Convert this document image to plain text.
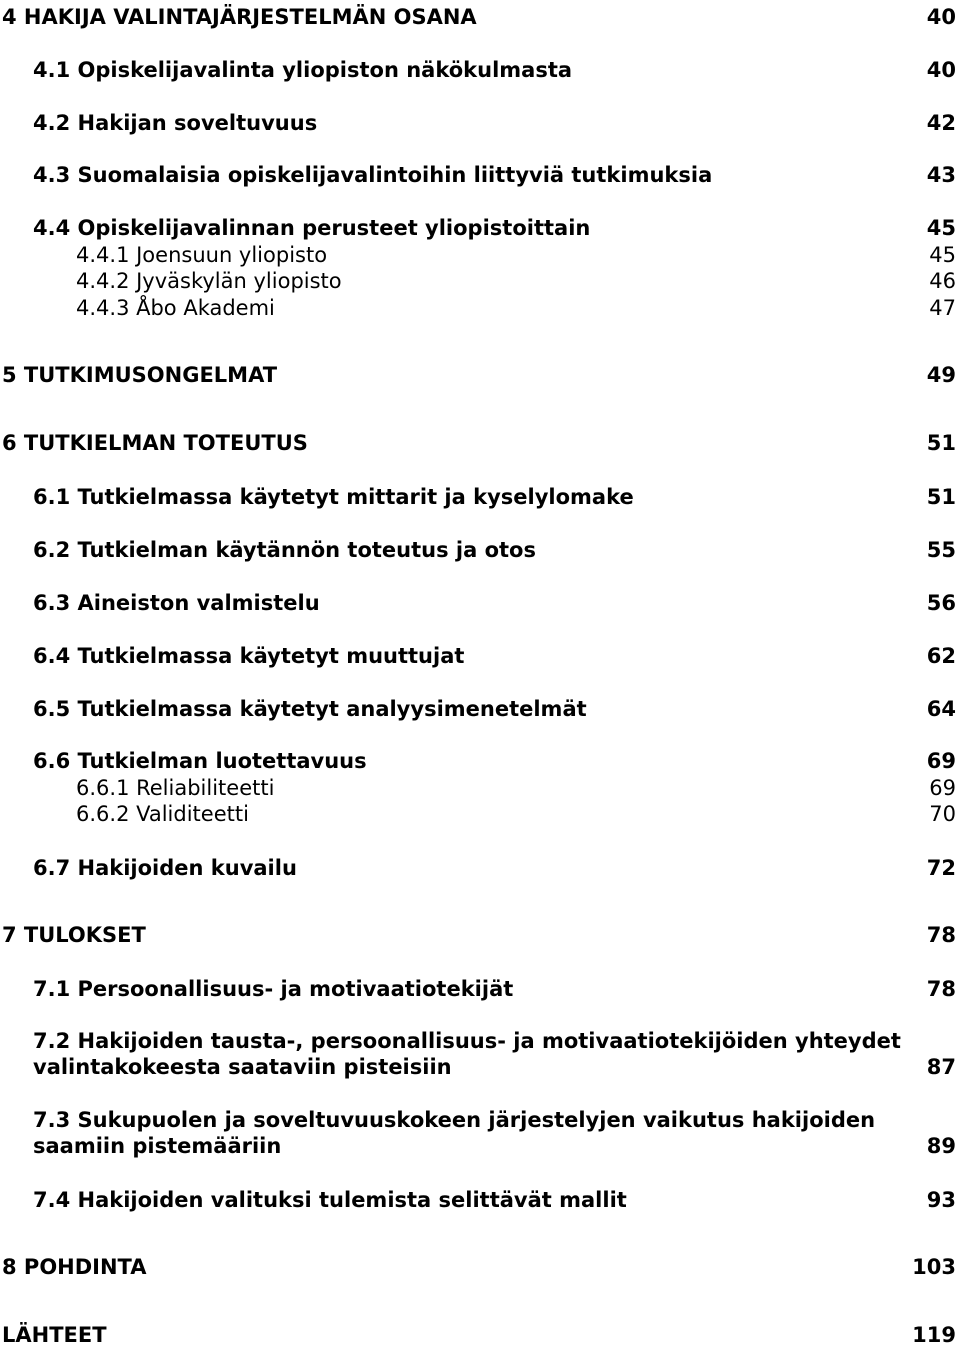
4 HAKIJA VALINTAJÄRJESTELMÄN OSANA	40
4.1 Opiskelijavalinta yliopiston näkökulmasta	40
4.2 Hakijan soveltuvuus	42
4.3 Suomalaisia opiskelijavalintoihin liittyviä tutkimuksia	43
4.4 Opiskelijavalinnan perusteet yliopistoittain	45
4.4.1 Joensuun yliopisto	45
4.4.2 Jyväskylän yliopisto	46
4.4.3 Åbo Akademi	47
5 TUTKIMUSONGELMAT	49
6 TUTKIELMAN TOTEUTUS	51
6.1 Tutkielmassa käytetyt mittarit ja kyselylomake	51
6.2 Tutkielman käytännön toteutus ja otos	55
6.3 Aineiston valmistelu	56
6.4 Tutkielmassa käytetyt muuttujat	62
6.5 Tutkielmassa käytetyt analyysimenetelmät	64
6.6 Tutkielman luotettavuus	69
6.6.1 Reliabiliteetti	69
6.6.2 Validiteetti	70
6.7 Hakijoiden kuvailu	72
7 TULOKSET	78
7.1 Persoonallisuus- ja motivaatiotekijät	78
7.2 Hakijoiden tausta-, persoonallisuus- ja motivaatiotekijöiden yhteydet
valintakokeesta saataviin pisteisiin	87
7.3 Sukupuolen ja soveltuvuuskokeen järjestelyjen vaikutus hakijoiden
saamiin pistemääriin	89
7.4 Hakijoiden valituksi tulemista selittävät mallit	93
8 POHDINTA	103
LÄHTEET	119
